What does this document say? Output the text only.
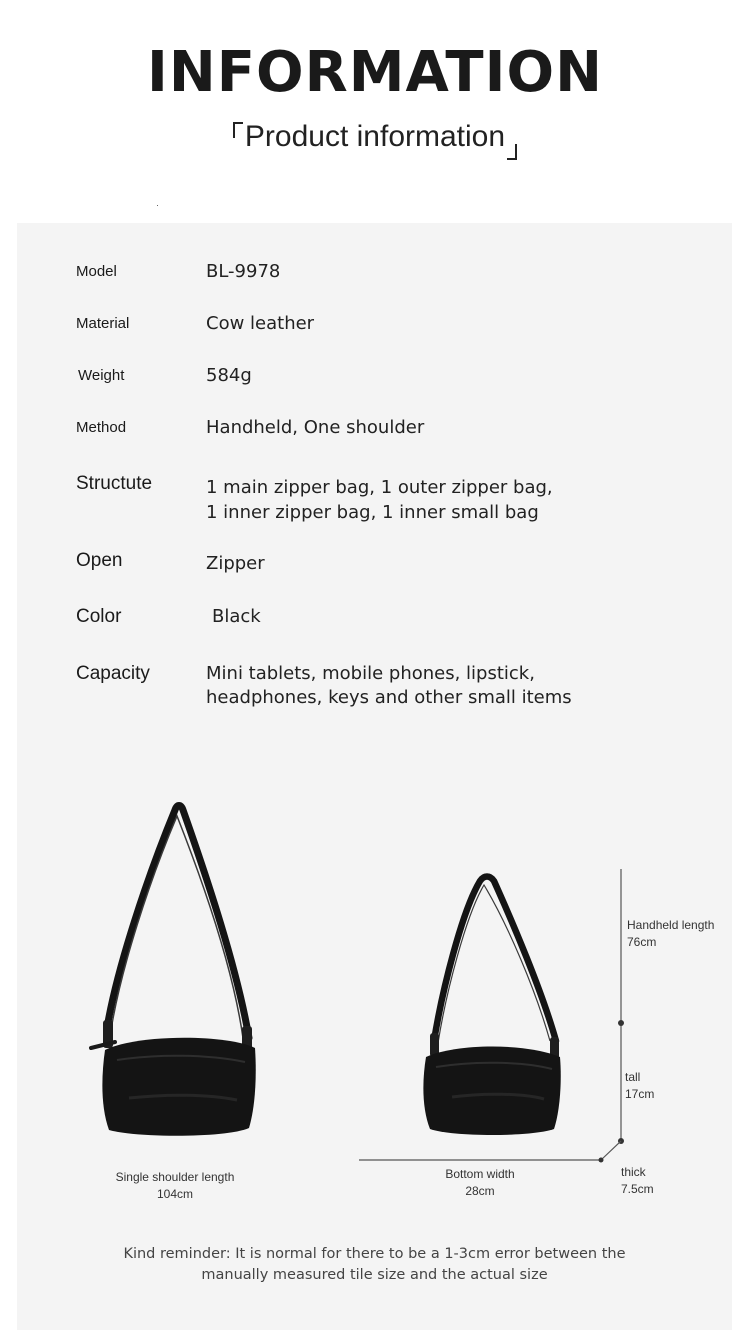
INFORMATION
Product information
Model	BL-9978
Material	Cow leather
Weight	584g
Method	Handheld, One shoulder
Structute	1 main zipper bag, 1 outer zipper bag,
1 inner zipper bag, 1 inner small bag
Open	Zipper
Color	Black
Capacity	Mini tablets, mobile phones, lipstick,
headphones, keys and other small items
Single shoulder length
104cm
Handheld length
76cm
tall
17cm
Bottom width
28cm
thick
7.5cm
Kind reminder: It is normal for there to be a 1-3cm error between the
manually measured tile size and the actual size
